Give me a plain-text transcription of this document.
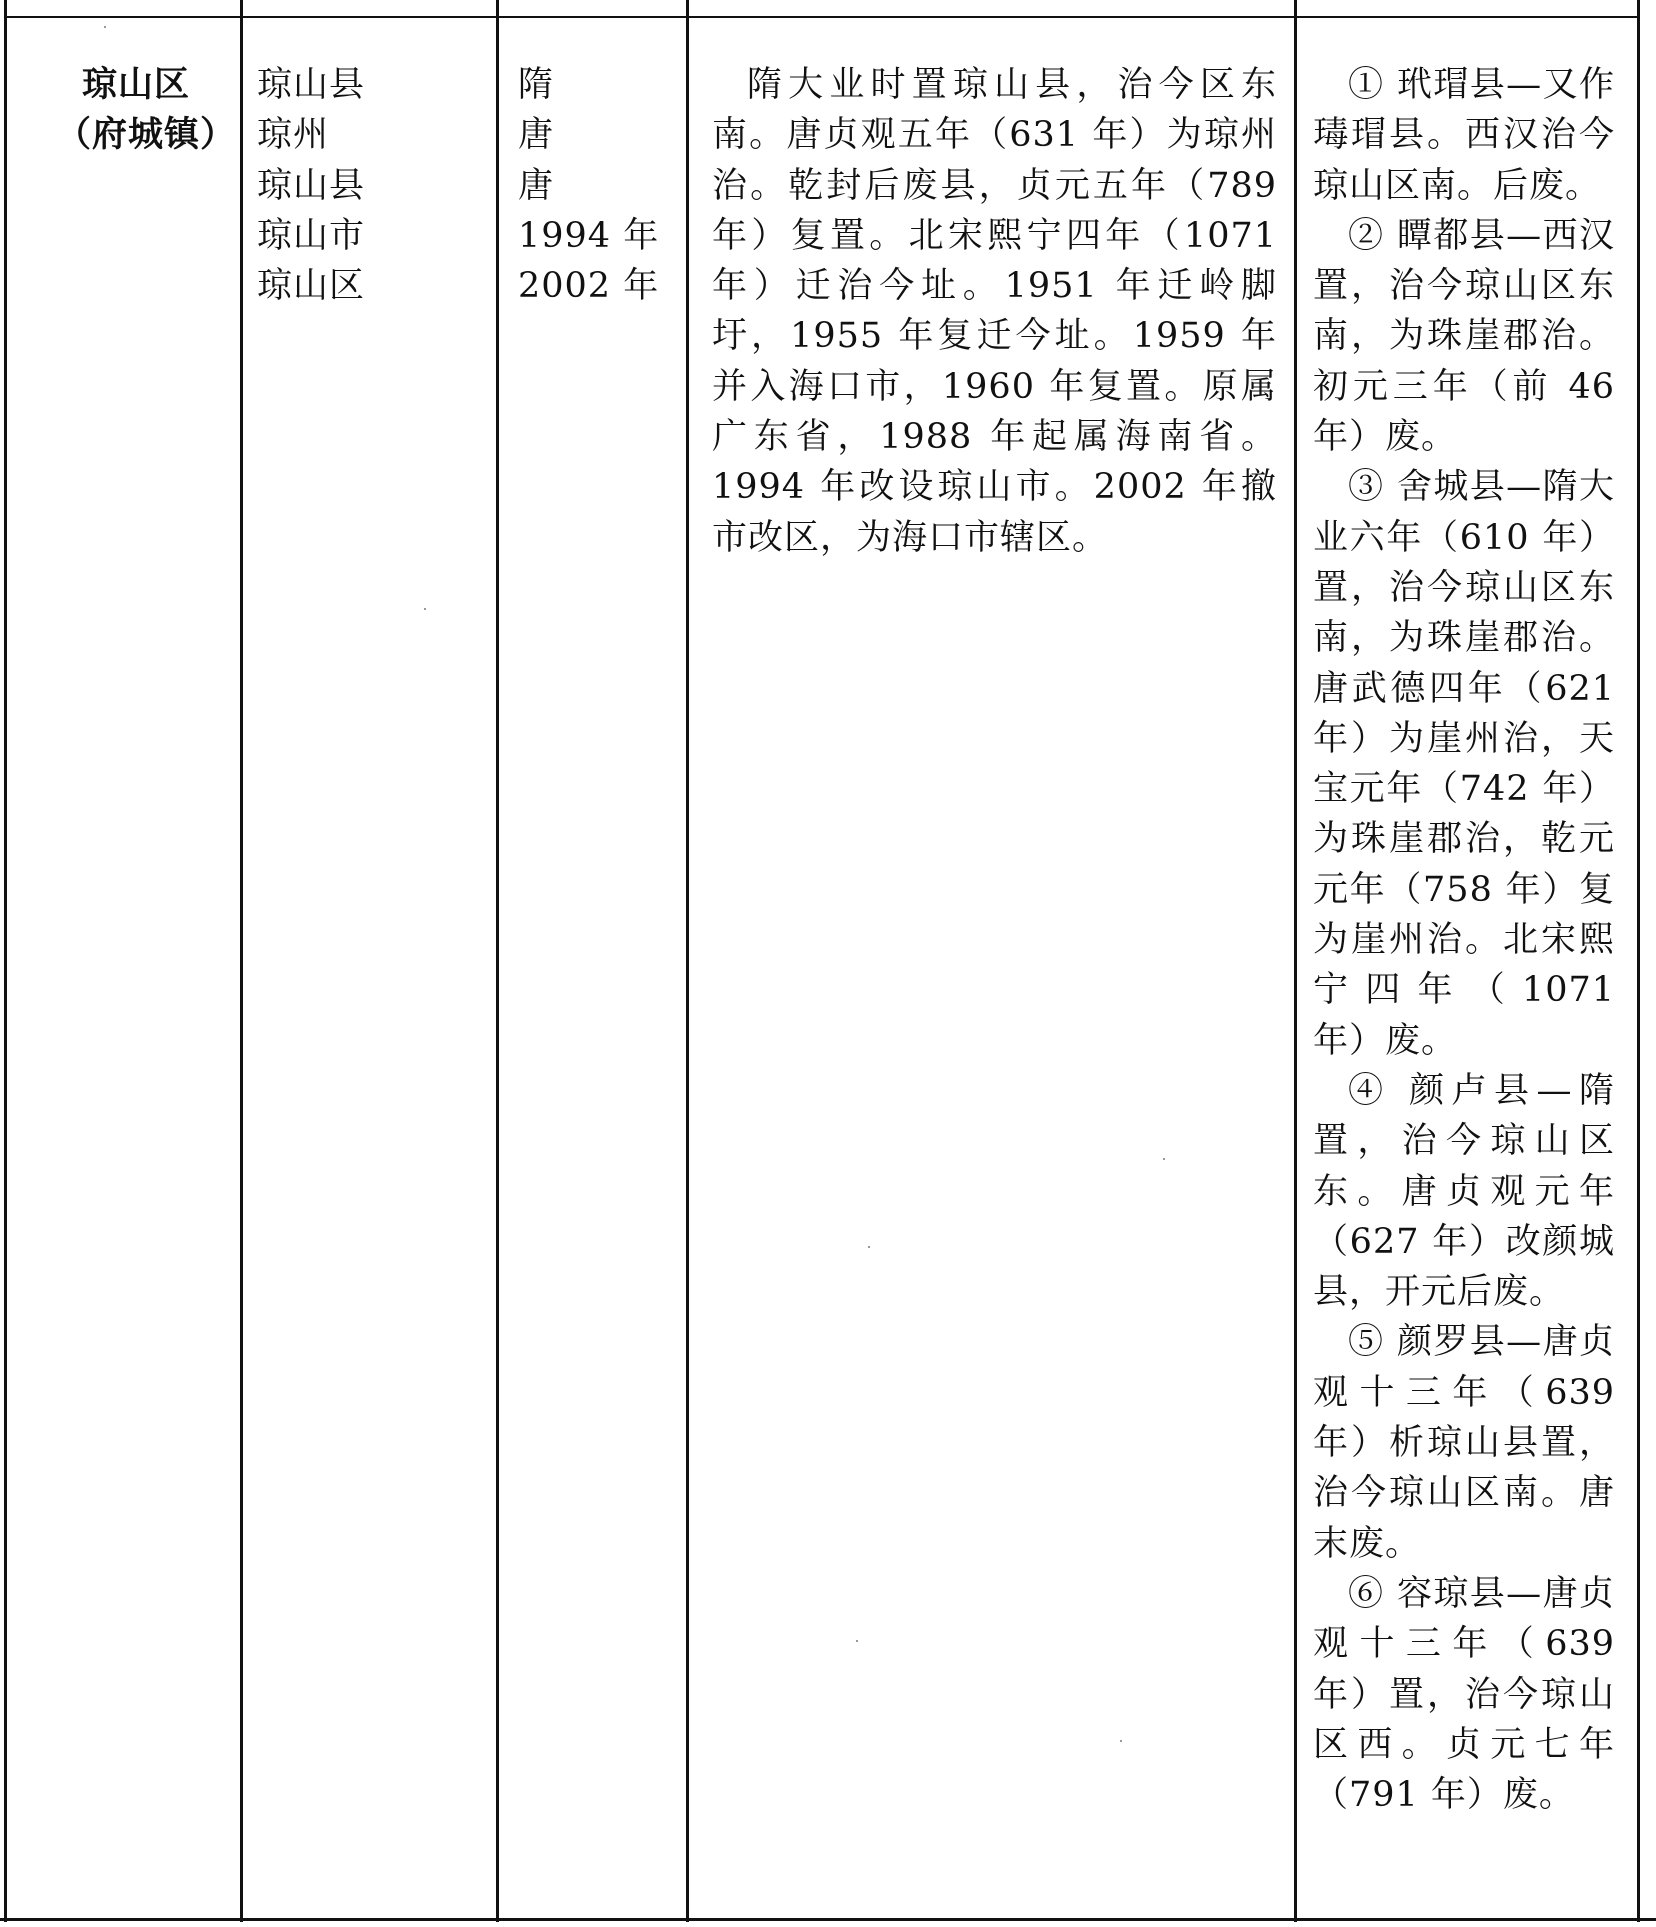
琼山区
（府城镇）
琼山县
琼州
琼山县
琼山市
琼山区
隋
唐
唐
1994 年
2002 年
隋大业时置琼山县，治今区东南。唐贞观五年（631 年）为琼州治。乾封后废县，贞元五年（789 年）复置。北宋熙宁四年（1071 年）迁治今址。1951 年迁岭脚圩，1955 年复迁今址。1959 年并入海口市，1960 年复置。原属广东省，1988 年起属海南省。1994 年改设琼山市。2002 年撤市改区，为海口市辖区。

① 玳瑁县—又作瑇瑁县。西汉治今琼山区南。后废。

② 瞫都县—西汉置，治今琼山区东南，为珠崖郡治。初元三年（前 46 年）废。

③ 舍城县—隋大业六年（610 年）置，治今琼山区东南，为珠崖郡治。唐武德四年（621 年）为崖州治，天宝元年（742 年）为珠崖郡治，乾元元年（758 年）复为崖州治。北宋熙宁四年（1071 年）废。

④ 颜卢县—隋置，治今琼山区东。唐贞观元年（627 年）改颜城县，开元后废。

⑤ 颜罗县—唐贞观十三年（639 年）析琼山县置，治今琼山区南。唐末废。

⑥ 容琼县—唐贞观十三年（639 年）置，治今琼山区西。贞元七年（791 年）废。
